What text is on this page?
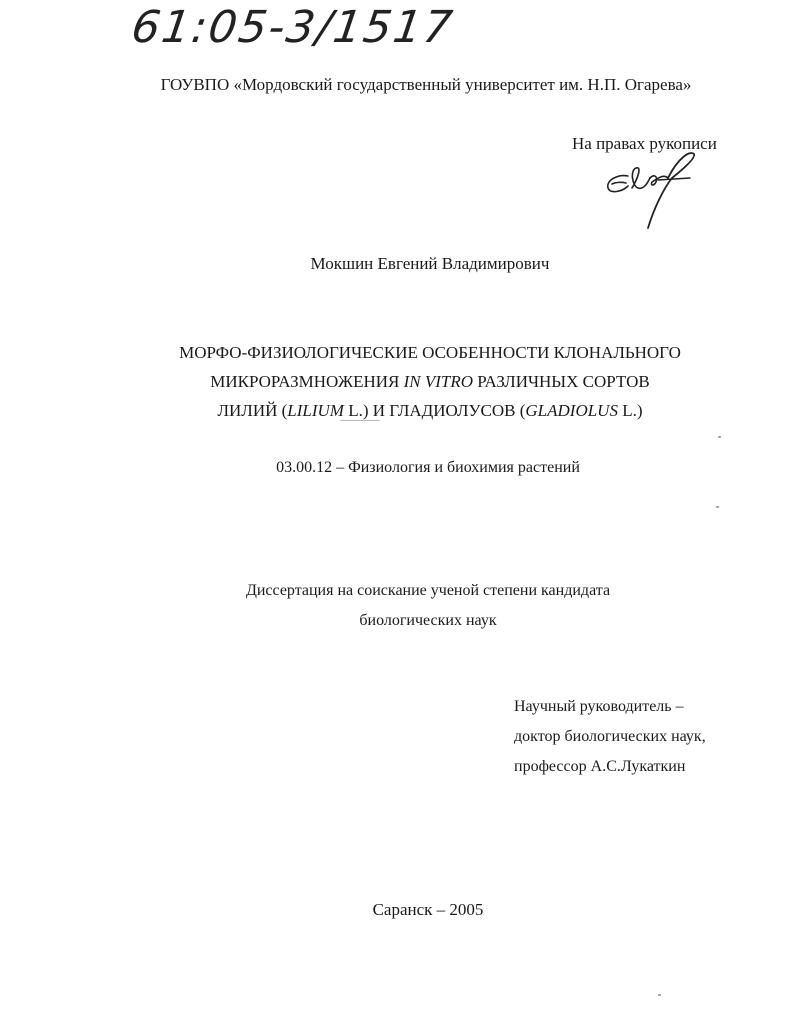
61:05-3/1517

ГОУВПО «Мордовский государственный университет им. Н.П. Огарева»

На правах рукописи

Мокшин Евгений Владимирович

МОРФО-ФИЗИОЛОГИЧЕСКИЕ ОСОБЕННОСТИ КЛОНАЛЬНОГО
МИКРОРАЗМНОЖЕНИЯ IN VITRO РАЗЛИЧНЫХ СОРТОВ
ЛИЛИЙ (LILIUM L.) И ГЛАДИОЛУСОВ (GLADIOLUS L.)

03.00.12 – Физиология и биохимия растений

Диссертация на соискание ученой степени кандидата
биологических наук
Научный руководитель –
доктор биологических наук,
профессор А.С.Лукаткин

Саранск – 2005
